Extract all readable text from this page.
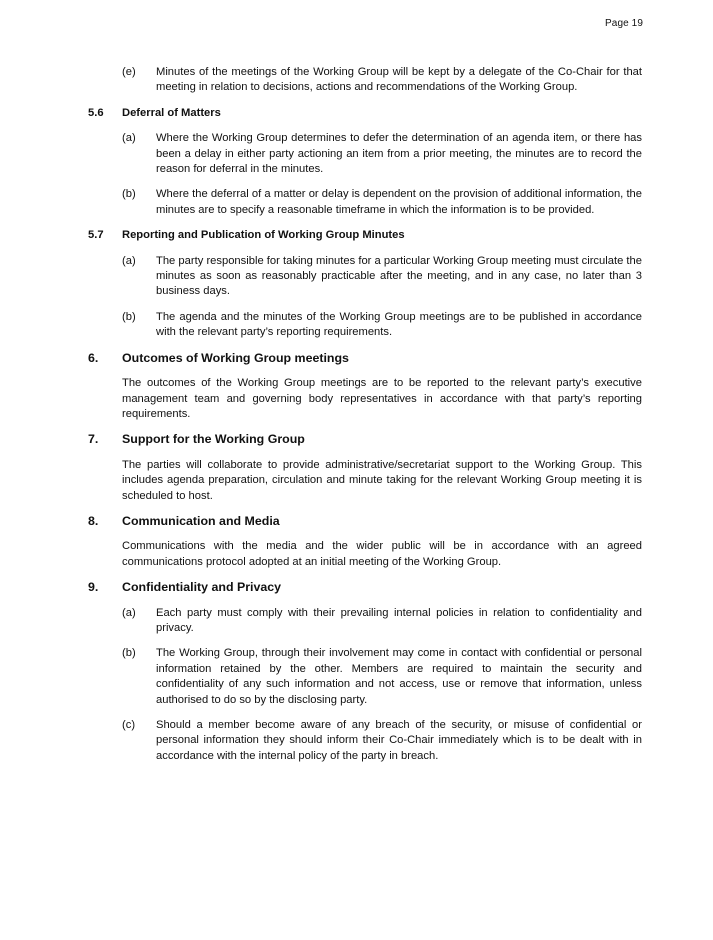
Page 19
(e)	Minutes of the meetings of the Working Group will be kept by a delegate of the Co-Chair for that meeting in relation to decisions, actions and recommendations of the Working Group.
5.6	Deferral of Matters
(a)	Where the Working Group determines to defer the determination of an agenda item, or there has been a delay in either party actioning an item from a prior meeting, the minutes are to record the reason for deferral in the minutes.
(b)	Where the deferral of a matter or delay is dependent on the provision of additional information, the minutes are to specify a reasonable timeframe in which the information is to be provided.
5.7	Reporting and Publication of Working Group Minutes
(a)	The party responsible for taking minutes for a particular Working Group meeting must circulate the minutes as soon as reasonably practicable after the meeting, and in any case, no later than 3 business days.
(b)	The agenda and the minutes of the Working Group meetings are to be published in accordance with the relevant party’s reporting requirements.
6.	Outcomes of Working Group meetings
The outcomes of the Working Group meetings are to be reported to the relevant party’s executive management team and governing body representatives in accordance with that party’s reporting requirements.
7.	Support for the Working Group
The parties will collaborate to provide administrative/secretariat support to the Working Group. This includes agenda preparation, circulation and minute taking for the relevant Working Group meeting it is scheduled to host.
8.	Communication and Media
Communications with the media and the wider public will be in accordance with an agreed communications protocol adopted at an initial meeting of the Working Group.
9.	Confidentiality and Privacy
(a)	Each party must comply with their prevailing internal policies in relation to confidentiality and privacy.
(b)	The Working Group, through their involvement may come in contact with confidential or personal information retained by the other. Members are required to maintain the security and confidentiality of any such information and not access, use or remove that information, unless authorised to do so by the disclosing party.
(c)	Should a member become aware of any breach of the security, or misuse of confidential or personal information they should inform their Co-Chair immediately which is to be dealt with in accordance with the internal policy of the party in breach.
